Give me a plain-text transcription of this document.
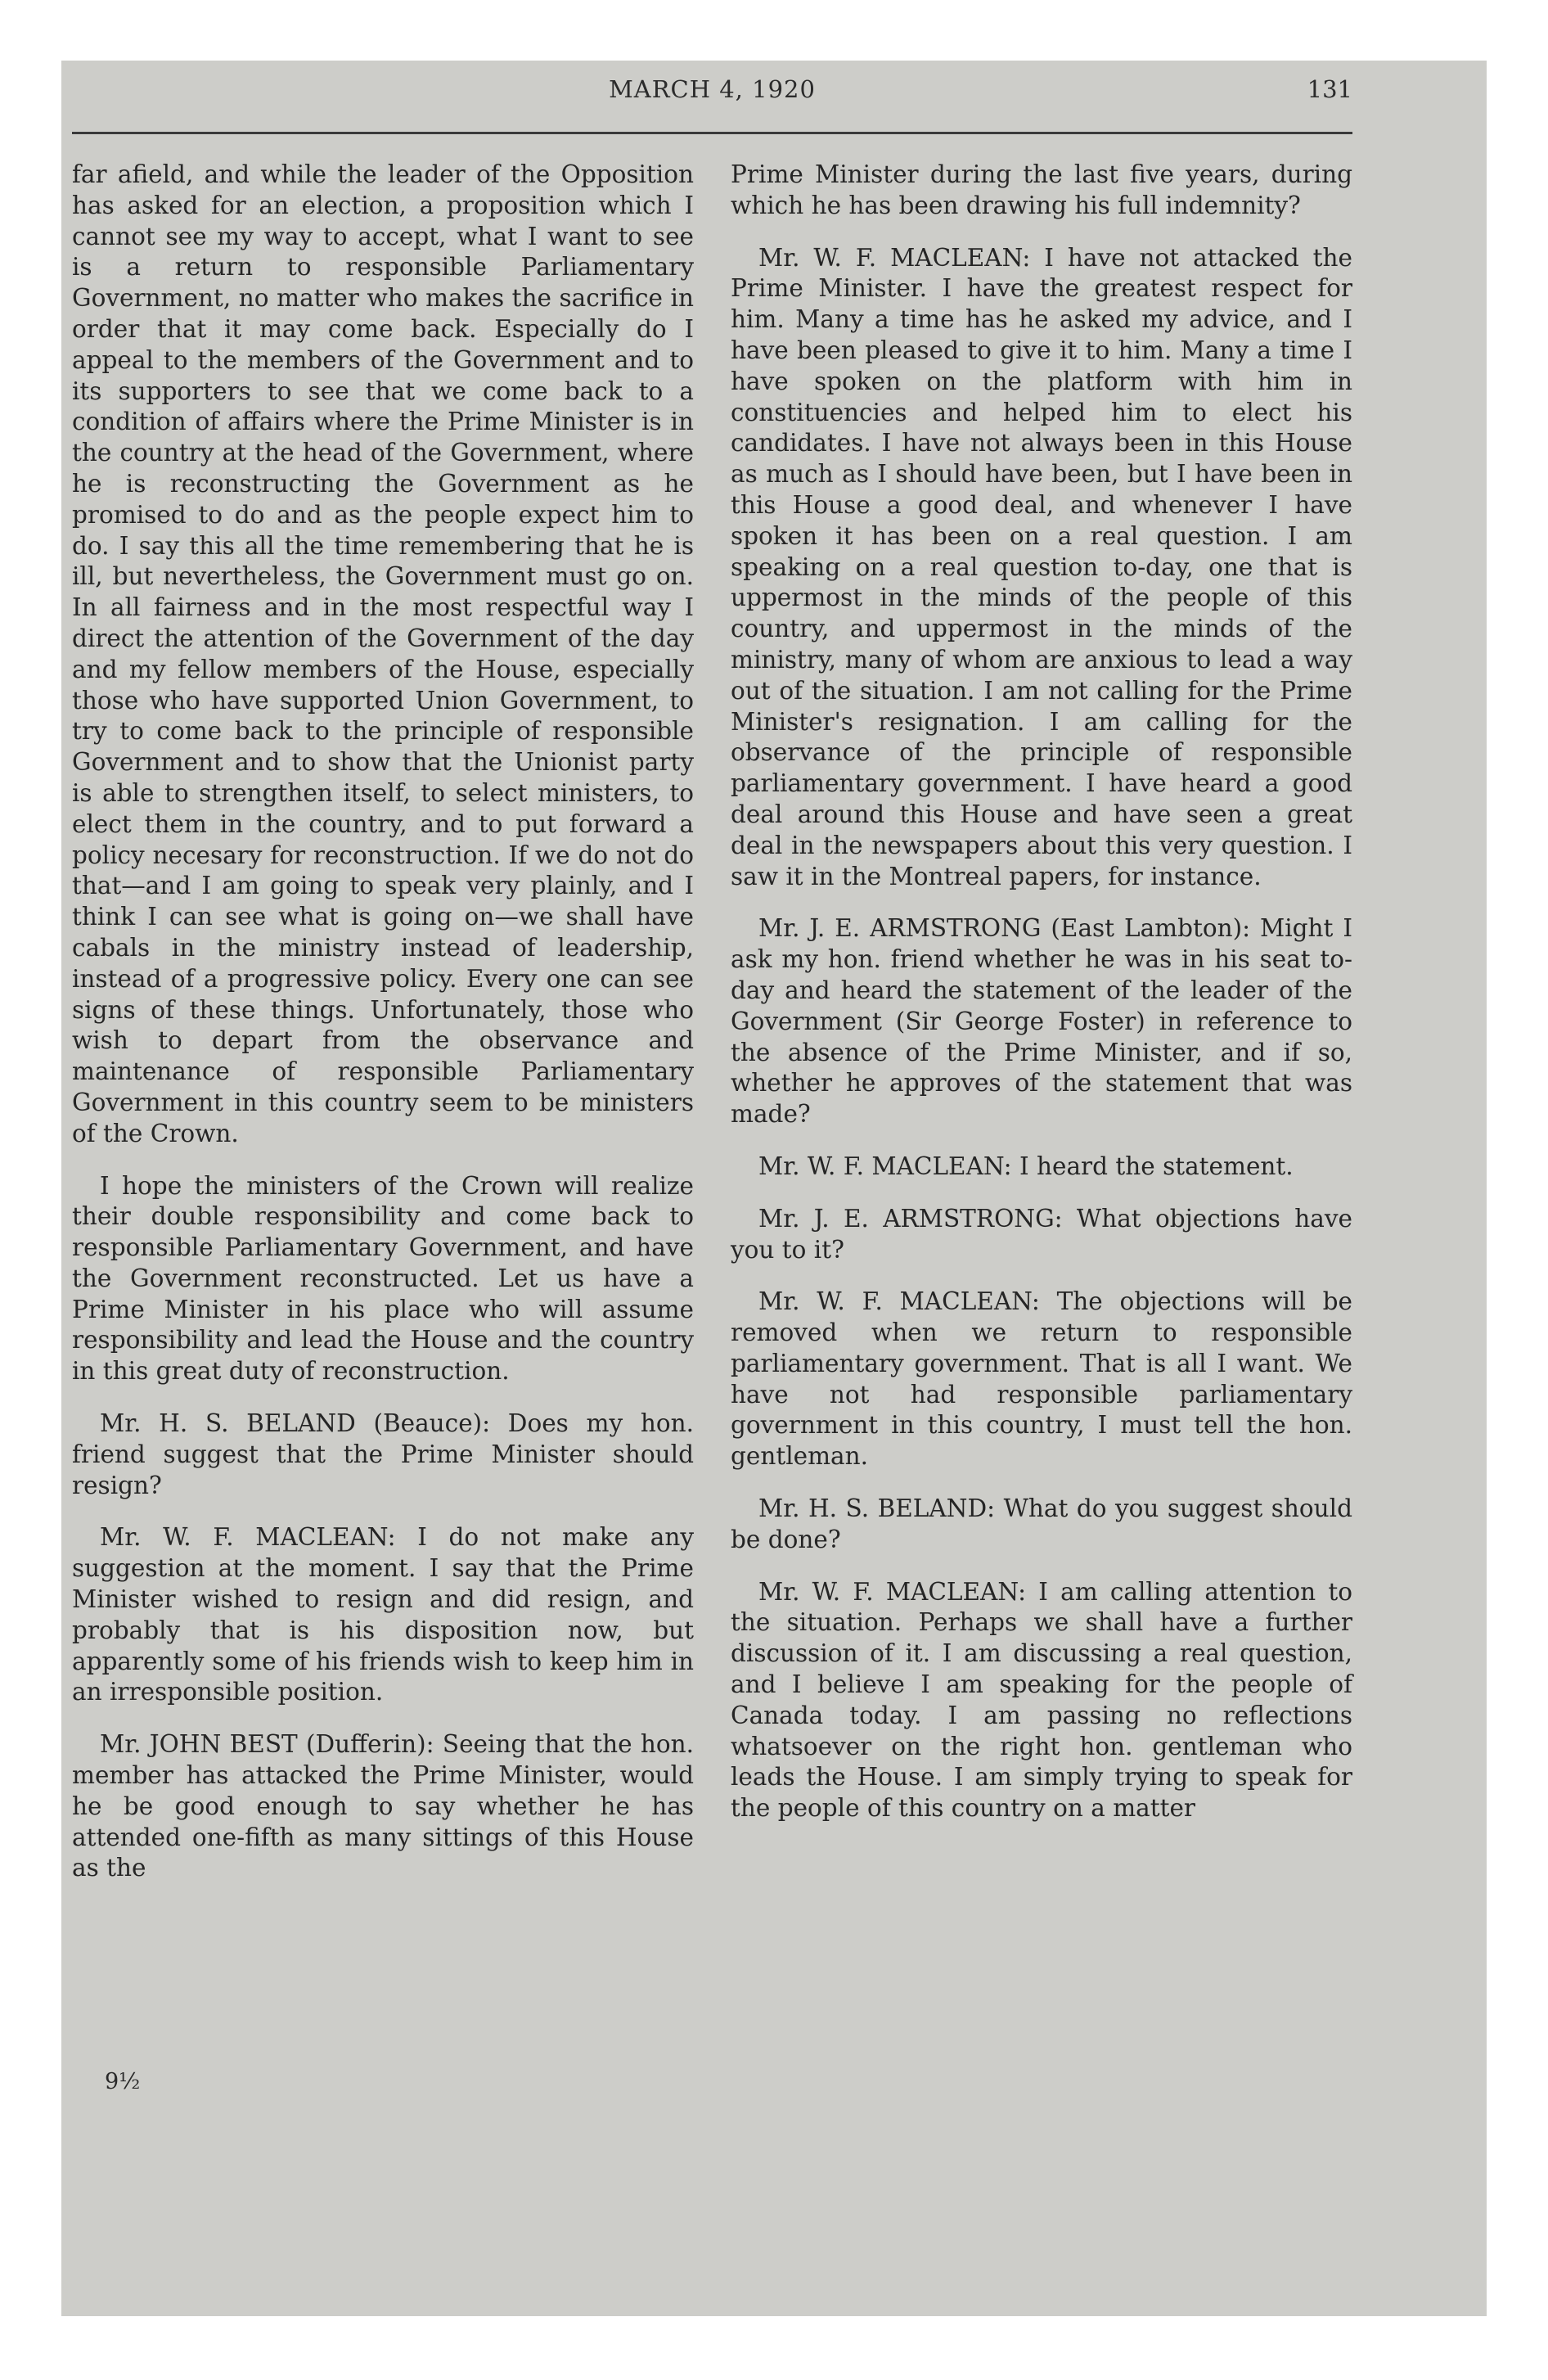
MARCH 4, 1920	131

far afield, and while the leader of the Opposition has asked for an election, a proposition which I cannot see my way to accept, what I want to see is a return to responsible Parliamentary Government, no matter who makes the sacrifice in order that it may come back. Especially do I appeal to the members of the Government and to its supporters to see that we come back to a condition of affairs where the Prime Minister is in the country at the head of the Government, where he is reconstructing the Government as he promised to do and as the people expect him to do. I say this all the time remembering that he is ill, but nevertheless, the Government must go on. In all fairness and in the most respectful way I direct the attention of the Government of the day and my fellow members of the House, especially those who have supported Union Government, to try to come back to the principle of responsible Government and to show that the Unionist party is able to strengthen itself, to select ministers, to elect them in the country, and to put forward a policy necesary for reconstruction. If we do not do that—and I am going to speak very plainly, and I think I can see what is going on—we shall have cabals in the ministry instead of leadership, instead of a progressive policy. Every one can see signs of these things. Unfortunately, those who wish to depart from the observance and maintenance of responsible Parliamentary Government in this country seem to be ministers of the Crown.

I hope the ministers of the Crown will realize their double responsibility and come back to responsible Parliamentary Government, and have the Government reconstructed. Let us have a Prime Minister in his place who will assume responsibility and lead the House and the country in this great duty of reconstruction.

Mr. H. S. BELAND (Beauce): Does my hon. friend suggest that the Prime Minister should resign?

Mr. W. F. MACLEAN: I do not make any suggestion at the moment. I say that the Prime Minister wished to resign and did resign, and probably that is his disposition now, but apparently some of his friends wish to keep him in an irresponsible position.

Mr. JOHN BEST (Dufferin): Seeing that the hon. member has attacked the Prime Minister, would he be good enough to say whether he has attended one-fifth as many sittings of this House as the

Prime Minister during the last five years, during which he has been drawing his full indemnity?

Mr. W. F. MACLEAN: I have not attacked the Prime Minister. I have the greatest respect for him. Many a time has he asked my advice, and I have been pleased to give it to him. Many a time I have spoken on the platform with him in constituencies and helped him to elect his candidates. I have not always been in this House as much as I should have been, but I have been in this House a good deal, and whenever I have spoken it has been on a real question. I am speaking on a real question to-day, one that is uppermost in the minds of the people of this country, and uppermost in the minds of the ministry, many of whom are anxious to lead a way out of the situation. I am not calling for the Prime Minister's resignation. I am calling for the observance of the principle of responsible parliamentary government. I have heard a good deal around this House and have seen a great deal in the newspapers about this very question. I saw it in the Montreal papers, for instance.

Mr. J. E. ARMSTRONG (East Lambton): Might I ask my hon. friend whether he was in his seat to-day and heard the statement of the leader of the Government (Sir George Foster) in reference to the absence of the Prime Minister, and if so, whether he approves of the statement that was made?

Mr. W. F. MACLEAN: I heard the statement.

Mr. J. E. ARMSTRONG: What objections have you to it?

Mr. W. F. MACLEAN: The objections will be removed when we return to responsible parliamentary government. That is all I want. We have not had responsible parliamentary government in this country, I must tell the hon. gentleman.

Mr. H. S. BELAND: What do you suggest should be done?

Mr. W. F. MACLEAN: I am calling attention to the situation. Perhaps we shall have a further discussion of it. I am discussing a real question, and I believe I am speaking for the people of Canada today. I am passing no reflections whatsoever on the right hon. gentleman who leads the House. I am simply trying to speak for the people of this country on a matter

9½
